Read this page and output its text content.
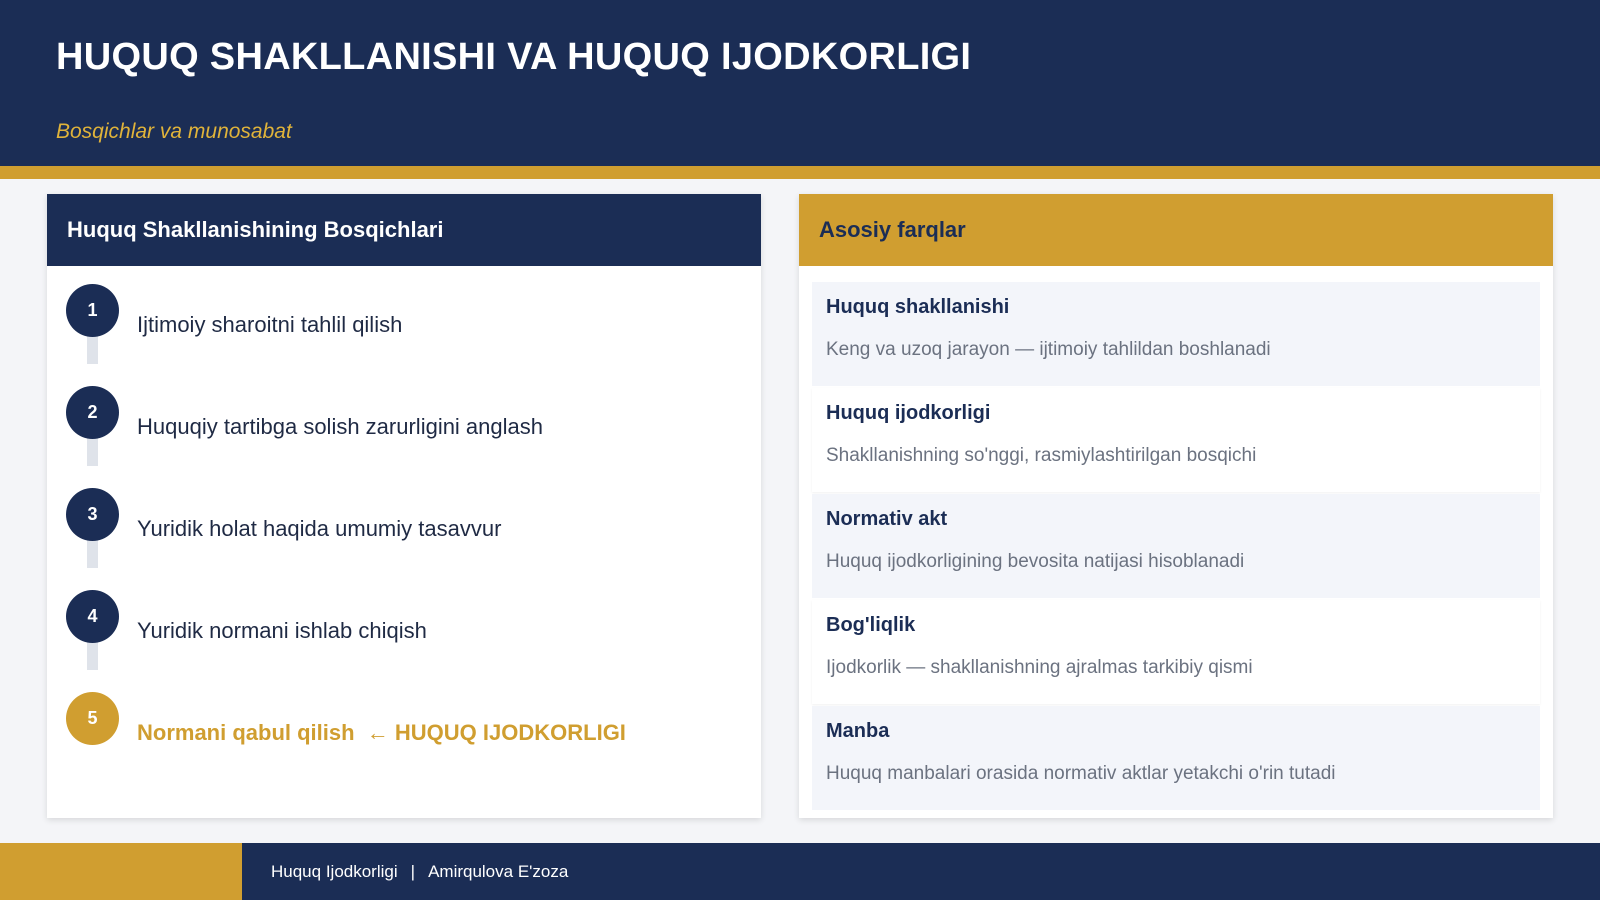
HUQUQ SHAKLLANISHI VA HUQUQ IJODKORLIGI
Bosqichlar va munosabat
Huquq Shakllanishining Bosqichlari
1
Ijtimoiy sharoitni tahlil qilish
2
Huquqiy tartibga solish zarurligini anglash
3
Yuridik holat haqida umumiy tasavvur
4
Yuridik normani ishlab chiqish
5
Normani qabul qilish  ← HUQUQ IJODKORLIGI
Asosiy farqlar
Huquq shakllanishi
Keng va uzoq jarayon — ijtimoiy tahlildan boshlanadi
Huquq ijodkorligi
Shakllanishning so'nggi, rasmiylashtirilgan bosqichi
Normativ akt
Huquq ijodkorligining bevosita natijasi hisoblanadi
Bog'liqlik
Ijodkorlik — shakllanishning ajralmas tarkibiy qismi
Manba
Huquq manbalari orasida normativ aktlar yetakchi o'rin tutadi
Huquq Ijodkorligi | Amirqulova E'zoza
